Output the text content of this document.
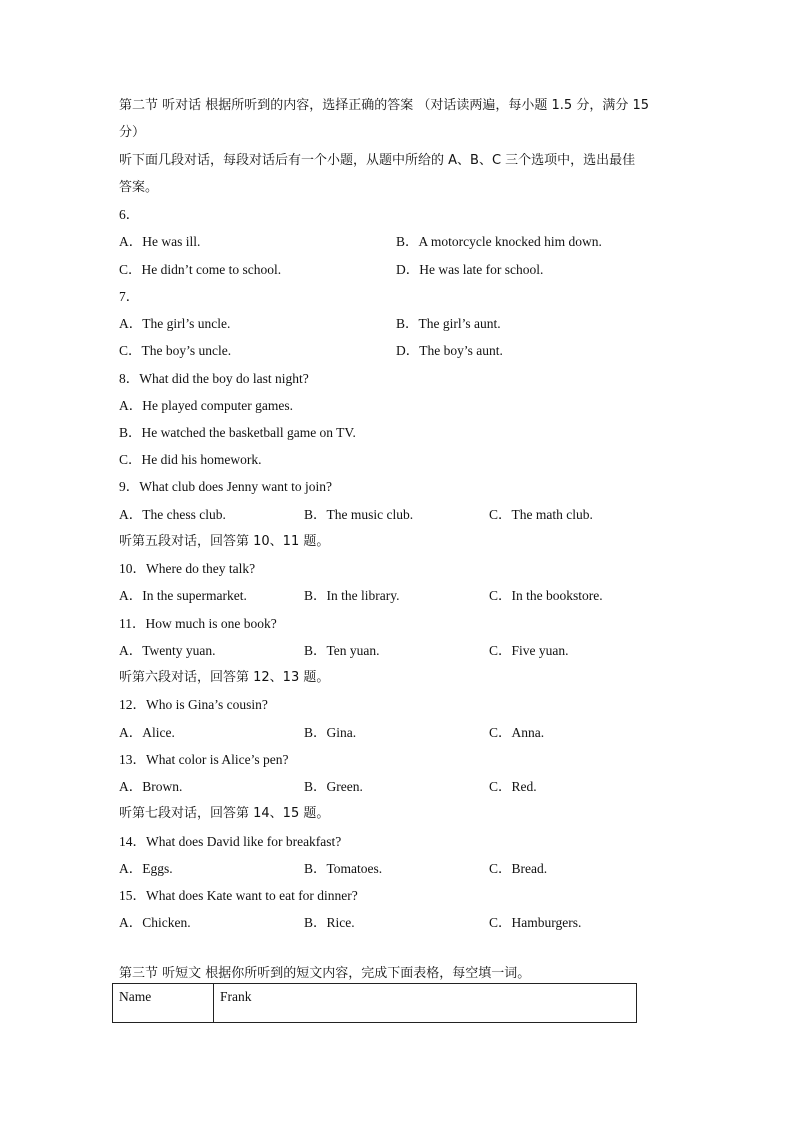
第二节 听对话 根据所听到的内容，选择正确的答案 （对话读两遍，每小题 1.5 分，满分 15
分）
听下面几段对话，每段对话后有一个小题，从题中所给的 A、B、C 三个选项中，选出最佳
答案。
6．
A．He was ill.	B．A motorcycle knocked him down.
C．He didn’t come to school.	D．He was late for school.
7．
A．The girl’s uncle.	B．The girl’s aunt.
C．The boy’s uncle.	D．The boy’s aunt.
8．What did the boy do last night?
A．He played computer games.
B．He watched the basketball game on TV.
C．He did his homework.
9．What club does Jenny want to join?
A．The chess club.	B．The music club.	C．The math club.
听第五段对话，回答第 10、11 题。
10．Where do they talk?
A．In the supermarket.	B．In the library.	C．In the bookstore.
11．How much is one book?
A．Twenty yuan.	B．Ten yuan.	C．Five yuan.
听第六段对话，回答第 12、13 题。
12．Who is Gina’s cousin?
A．Alice.	B．Gina.	C．Anna.
13．What color is Alice’s pen?
A．Brown.	B．Green.	C．Red.
听第七段对话，回答第 14、15 题。
14．What does David like for breakfast?
A．Eggs.	B．Tomatoes.	C．Bread.
15．What does Kate want to eat for dinner?
A．Chicken.	B．Rice.	C．Hamburgers.
第三节 听短文 根据你所听到的短文内容，完成下面表格，每空填一词。
Name	Frank
